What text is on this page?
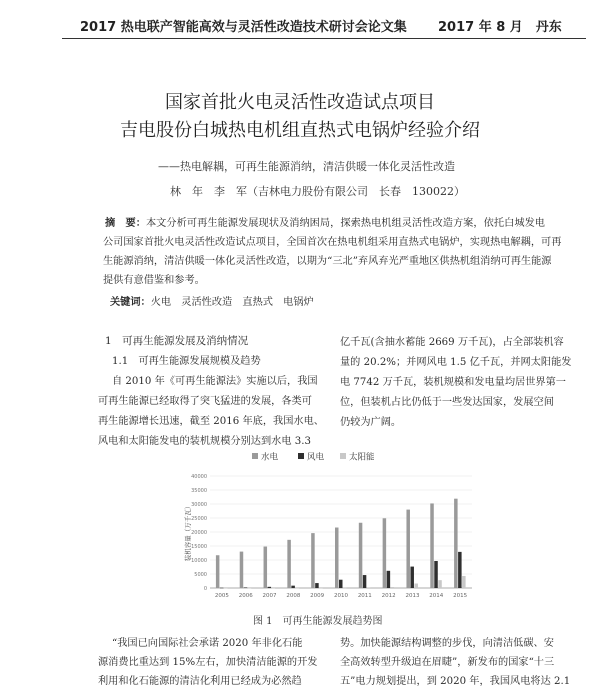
2017 热电联产智能高效与灵活性改造技术研讨会论文集 2017 年 8 月　丹东
国家首批火电灵活性改造试点项目
吉电股份白城热电机组直热式电锅炉经验介绍
——热电解耦，可再生能源消纳，清洁供暖一体化灵活性改造
林　年　李　军（吉林电力股份有限公司　长春　130022）
摘　要：本文分析可再生能源发展现状及消纳困局，探索热电机组灵活性改造方案，依托白城发电
公司国家首批火电灵活性改造试点项目，全国首次在热电机组采用直热式电锅炉，实现热电解耦，可再
生能源消纳，清洁供暖一体化灵活性改造，以期为“三北”弃风弃光严重地区供热机组消纳可再生能源
提供有意借鉴和参考。
关键词：火电　灵活性改造　直热式　电锅炉
1　可再生能源发展及消纳情况
1.1　可再生能源发展规模及趋势
自 2010 年《可再生能源法》实施以后，我国
可再生能源已经取得了突飞猛进的发展，各类可
再生能源增长迅速，截至 2016 年底，我国水电、
风电和太阳能发电的装机规模分别达到水电 3.3
亿千瓦(含抽水蓄能 2669 万千瓦)，占全部装机容
量的 20.2%；并网风电 1.5 亿千瓦，并网太阳能发
电 7742 万千瓦，装机规模和发电量均居世界第一
位，但装机占比仍低于一些发达国家，发展空间
仍较为广阔。
水电	风电	太阳能
0
5000
10000
15000
20000
25000
30000
35000
40000
装机容量（万千瓦）
2005 2006 2007 2008 2009 2010 2011 2012 2013 2014 2015
图 1　可再生能源发展趋势图
“我国已向国际社会承诺 2020 年非化石能
源消费比重达到 15%左右，加快清洁能源的开发
利用和化石能源的清洁化利用已经成为必然趋
势。加快能源结构调整的步伐，向清洁低碳、安
全高效转型升级迫在眉睫”，新发布的国家“十三
五”电力规划提出，到 2020 年，我国风电将达 2.1
